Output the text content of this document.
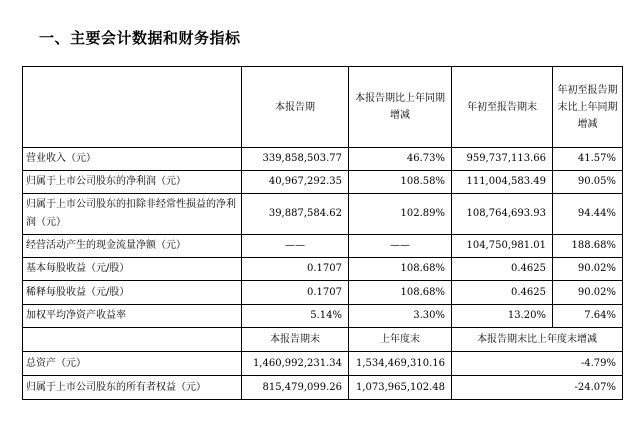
一、主要会计数据和财务指标
	本报告期	本报告期比上年同期增减	年初至报告期末	年初至报告期末比上年同期增减
营业收入（元）	339,858,503.77	46.73%	959,737,113.66	41.57%
归属于上市公司股东的净利润（元）	40,967,292.35	108.58%	111,004,583.49	90.05%
归属于上市公司股东的扣除非经常性损益的净利润（元）	39,887,584.62	102.89%	108,764,693.93	94.44%
经营活动产生的现金流量净额（元）	——	——	104,750,981.01	188.68%
基本每股收益（元/股）	0.1707	108.68%	0.4625	90.02%
稀释每股收益（元/股）	0.1707	108.68%	0.4625	90.02%
加权平均净资产收益率	5.14%	3.30%	13.20%	7.64%
	本报告期末	上年度末	本报告期末比上年度末增减	
总资产（元）	1,460,992,231.34	1,534,469,310.16	-4.79%	
归属于上市公司股东的所有者权益（元）	815,479,099.26	1,073,965,102.48	-24.07%	
